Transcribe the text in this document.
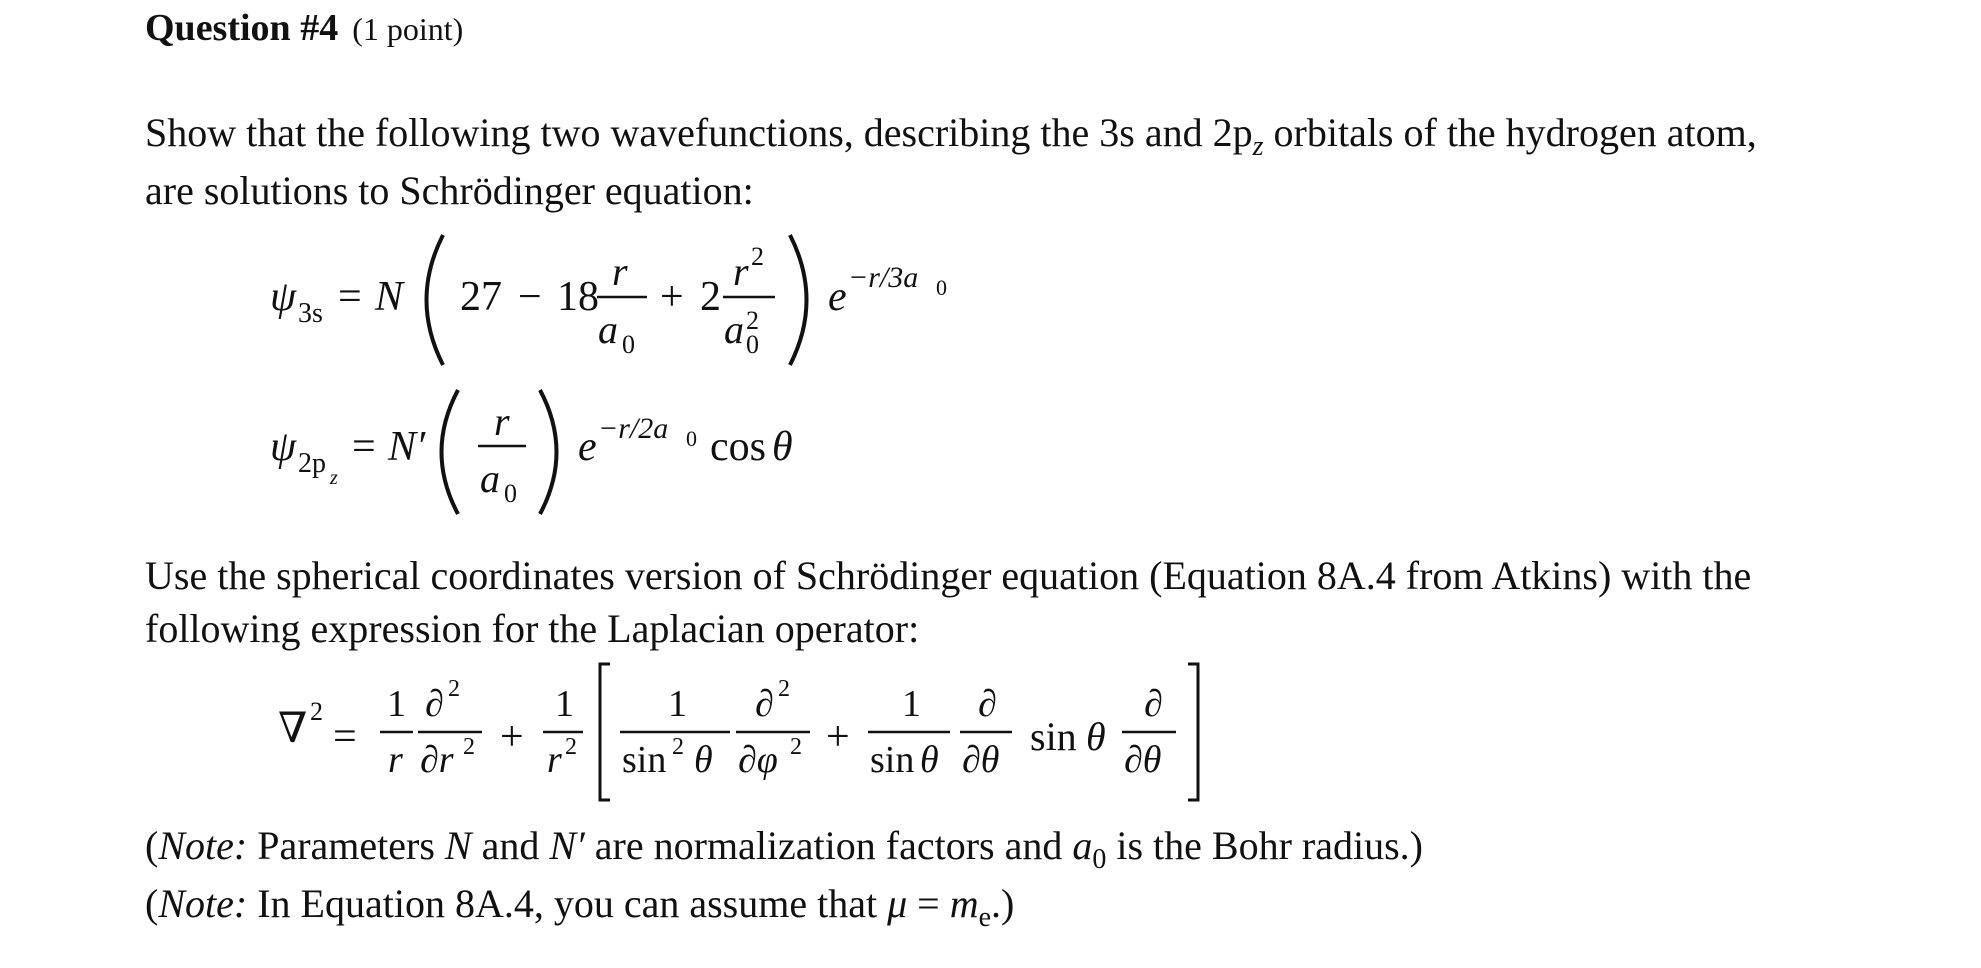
Question #4 (1 point)
Show that the following two wavefunctions, describing the 3s and $2p_z$ orbitals of the hydrogen atom,
are solutions to Schrödinger equation:
ψ 3s = N 27 − 18
r
a 0
+ 2
r 2
a 2
0
e −r/3a 0
ψ 2p z
= N′
r
a 0
e −r/2a 0 cos θ
Use the spherical coordinates version of Schrödinger equation (Equation 8A.4 from Atkins) with the
following expression for the Laplacian operator:
∇ 2
=
1
r
∂ 2
∂r 2 +
1
r 2
1
sin 2 θ
∂ 2
∂φ 2 +
1
sin θ
∂
∂θ
sin θ
∂
∂θ
(Note: Parameters N and N′ are normalization factors and $a_0$ is the Bohr radius.)
(Note: In Equation 8A.4, you can assume that $\mu = m_e$.)
